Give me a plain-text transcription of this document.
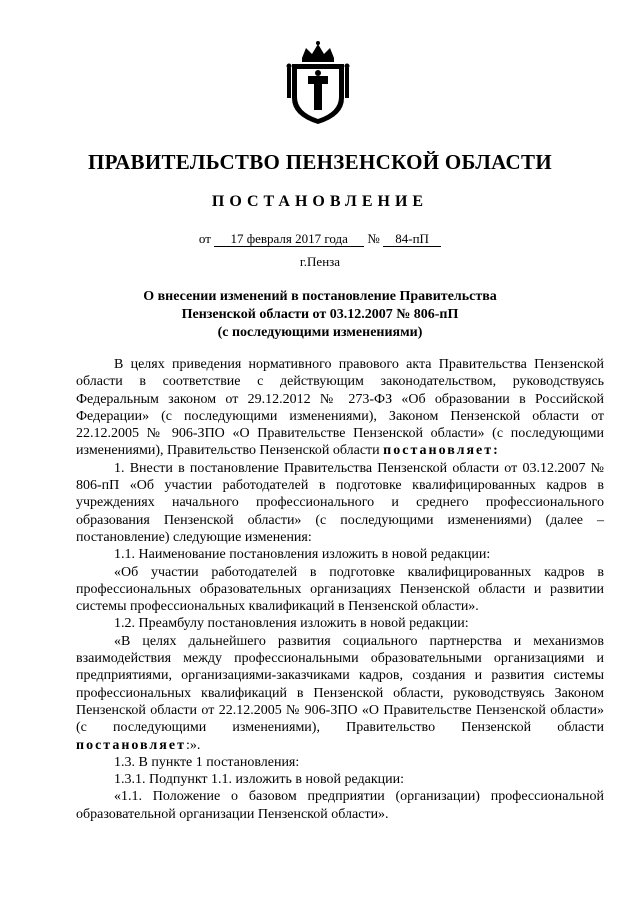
ПРАВИТЕЛЬСТВО ПЕНЗЕНСКОЙ ОБЛАСТИ
ПОСТАНОВЛЕНИЕ
от 17 февраля 2017 года № 84-пП
г.Пенза
О внесении изменений в постановление Правительства
Пензенской области от 03.12.2007 № 806-пП
(с последующими изменениями)

В целях приведения нормативного правового акта Правительства Пензенской области в соответствие с действующим законодательством, руководствуясь Федеральным законом от 29.12.2012 № 273-ФЗ «Об образовании в Российской Федерации» (с последующими изменениями), Законом Пензенской области от 22.12.2005 № 906-ЗПО «О Правительстве Пензенской области» (с последующими изменениями), Правительство Пензенской области постановляет:

1. Внести в постановление Правительства Пензенской области от 03.12.2007 № 806-пП «Об участии работодателей в подготовке квалифицированных кадров в учреждениях начального профессионального и среднего профессионального образования Пензенской области» (с последующими изменениями) (далее – постановление) следующие изменения:

1.1. Наименование постановления изложить в новой редакции:

«Об участии работодателей в подготовке квалифицированных кадров в профессиональных образовательных организациях Пензенской области и развитии системы профессиональных квалификаций в Пензенской области».

1.2. Преамбулу постановления изложить в новой редакции:

«В целях дальнейшего развития социального партнерства и механизмов взаимодействия между профессиональными образовательными организациями и предприятиями, организациями-заказчиками кадров, создания и развития системы профессиональных квалификаций в Пензенской области, руководствуясь Законом Пензенской области от 22.12.2005 № 906-ЗПО «О Правительстве Пензенской области» (с последующими изменениями), Правительство Пензенской области постановляет:».

1.3. В пункте 1 постановления:

1.3.1. Подпункт 1.1. изложить в новой редакции:

«1.1. Положение о базовом предприятии (организации) профессиональной образовательной организации Пензенской области».
